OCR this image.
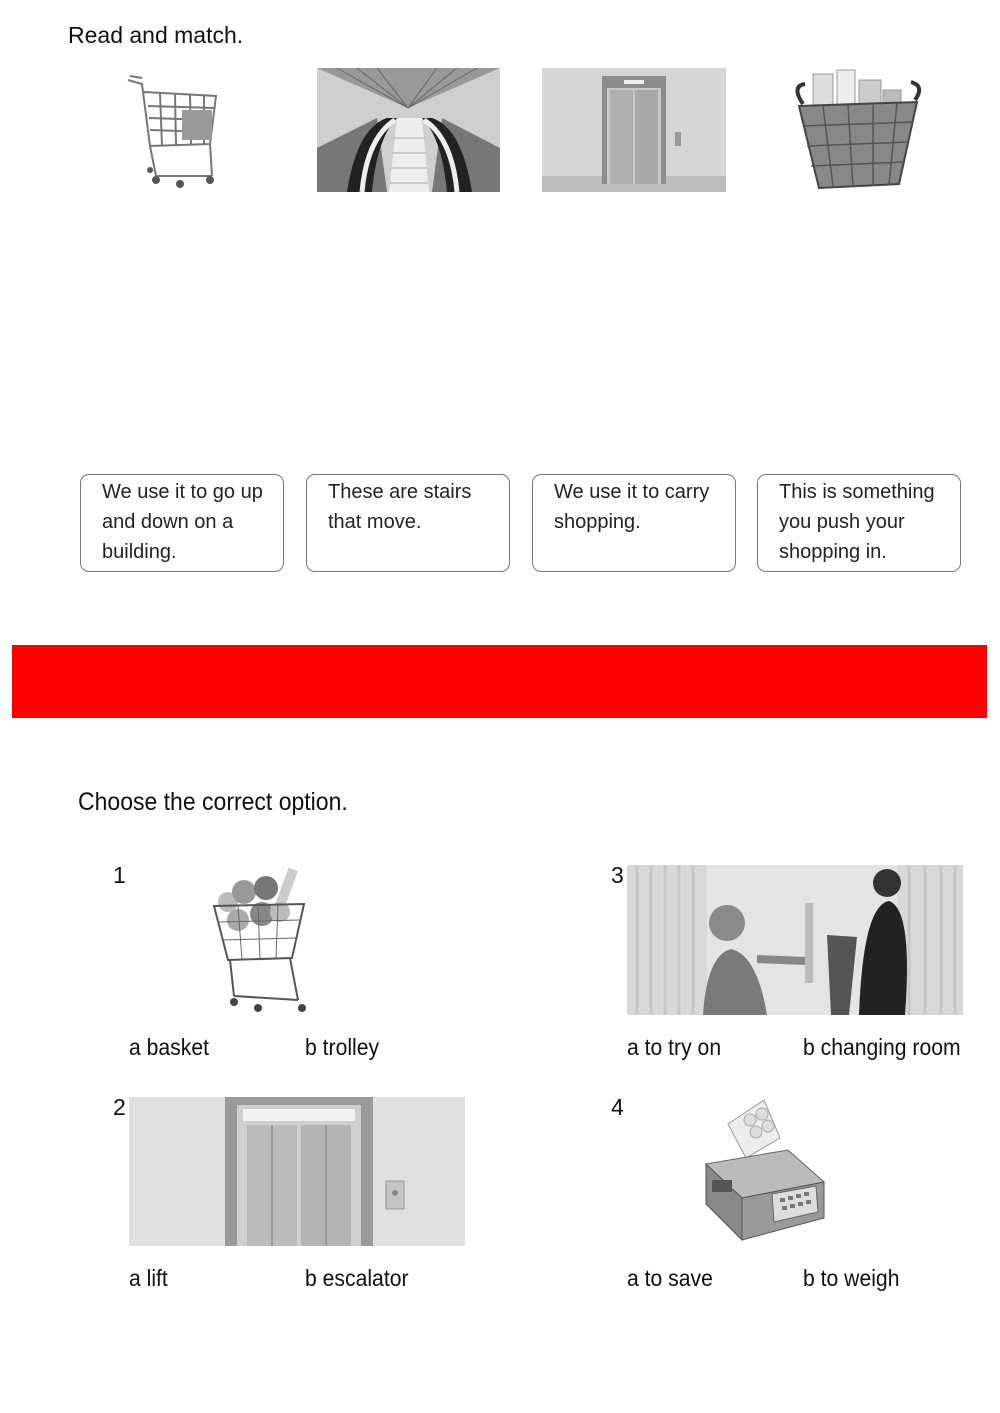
Read and match.
We use it to go up and down on a building.
These are stairs that move.
We use it to carry shopping.
This is something you push your shopping in.
Choose the correct option.
1
a basket	b trolley
2
a lift	b escalator
3
a to try on	b changing room
4
a to save	b to weigh
